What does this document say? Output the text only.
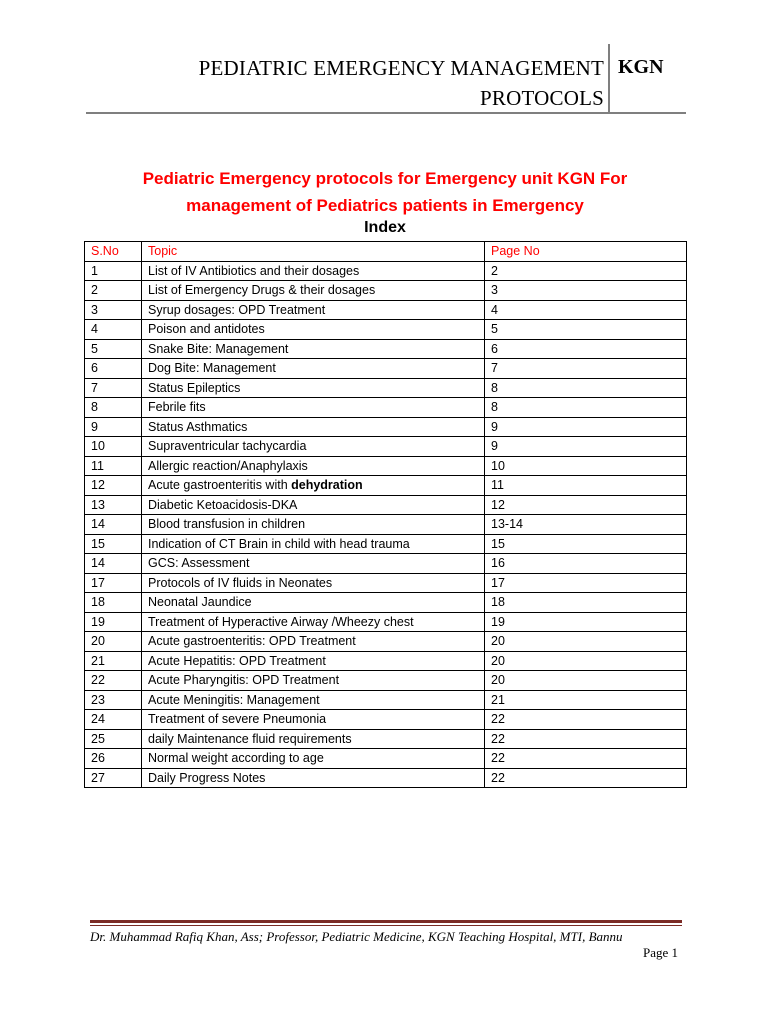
PEDIATRIC EMERGENCY MANAGEMENT
PROTOCOLS
KGN
Pediatric Emergency protocols for Emergency unit KGN For
management of Pediatrics patients in Emergency
Index
S.No	Topic	Page No
1	List of IV Antibiotics and their dosages	2
2	List of Emergency Drugs & their dosages	3
3	Syrup dosages: OPD Treatment	4
4	Poison and antidotes	5
5	Snake Bite: Management	6
6	Dog Bite: Management	7
7	Status Epileptics	8
8	Febrile fits	8
9	Status Asthmatics	9
10	Supraventricular tachycardia	9
11	Allergic reaction/Anaphylaxis	10
12	Acute gastroenteritis with dehydration	11
13	Diabetic Ketoacidosis-DKA	12
14	Blood transfusion in children	13-14
15	Indication of CT Brain in child with head trauma	15
14	GCS: Assessment	16
17	Protocols of IV fluids in Neonates	17
18	Neonatal Jaundice	18
19	Treatment of Hyperactive Airway /Wheezy chest	19
20	Acute gastroenteritis: OPD Treatment	20
21	Acute Hepatitis: OPD Treatment	20
22	Acute Pharyngitis: OPD Treatment	20
23	Acute Meningitis: Management	21
24	Treatment of severe Pneumonia	22
25	daily Maintenance fluid requirements	22
26	Normal weight according to age	22
27	Daily Progress Notes	22
Dr. Muhammad Rafiq Khan, Ass; Professor, Pediatric Medicine, KGN Teaching Hospital, MTI, Bannu
Page 1
